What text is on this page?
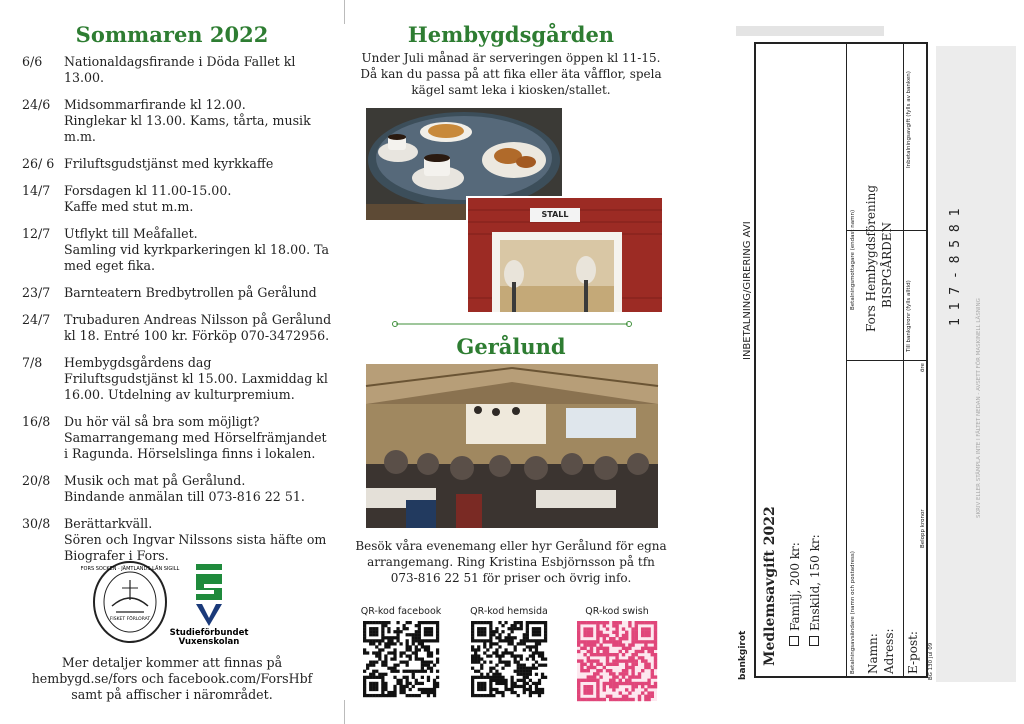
Sommaren 2022
6/6	Nationaldagsfirande i Döda Fallet kl 13.00.
24/6	Midsommarfirande kl 12.00.
Ringlekar kl 13.00. Kams, tårta, musik m.m.
26/ 6 Friluftsgudstjänst med kyrkkaffe
14/7	Forsdagen kl 11.00-15.00.
Kaffe med stut m.m.
12/7	Utflykt till Meåfallet.
Samling vid kyrkparkeringen kl 18.00. Ta med eget fika.
23/7	Barnteatern Bredbytrollen på Gerålund
24/7	Trubaduren Andreas Nilsson på Gerålund kl 18. Entré 100 kr. Förköp 070-3472956.
7/8	Hembygdsgårdens dag
Friluftsgudstjänst kl 15.00. Laxmiddag kl 16.00. Utdelning av kulturpremium.
16/8	Du hör väl så bra som möjligt?
Samarrangemang med Hörselfrämjandet i Ragunda. Hörselslinga finns i lokalen.
20/8	Musik och mat på Gerålund.
Bindande anmälan till 073-816 22 51.
30/8	Berättarkväll.
Sören och Ingvar Nilssons sista häfte om Biografer i Fors.
FISKET FÖRLORAT
FORS SOCKEN · JÄMTLANDS LÄN SIGILL
Studieförbundet
Vuxenskolan
Mer detaljer kommer att finnas på
hembygd.se/fors och facebook.com/ForsHbf
samt på affischer i närområdet.
Hembygdsgården
Under Juli månad är serveringen öppen kl 11-15.
Då kan du passa på att fika eller äta våfflor, spela
kägel samt leka i kiosken/stallet.
STALL
Gerålund
Besök våra evenemang eller hyr Gerålund för egna
arrangemang. Ring Kristina Esbjörnsson på tfn
073-816 22 51 för priser och övrig info.
QR-kod facebook	QR-kod hemsida	QR-kod swish
INBETALNING/GIRERING AVI	Betalningsmottagare (endast namn) Fors Hembygdsförening BISPGÅRDEN
Inbetalningsavgift (fylls av banken)
Till bankgironr (fylls alltid)	1 1 7 - 8 5 8 1
Belopp kronor
öre	SKRIV ELLER STÄMPLA INTE I FÄLTET NEDAN - AVSETT FÖR MASKINELL LÄSNING
Medlemsavgift 2022 Familj, 200 kr: Enskild, 150 kr:	Betalningsavsändare (namn och postadress) Namn: Adress: E-post:
bankgirot	BG 130 jul 09
